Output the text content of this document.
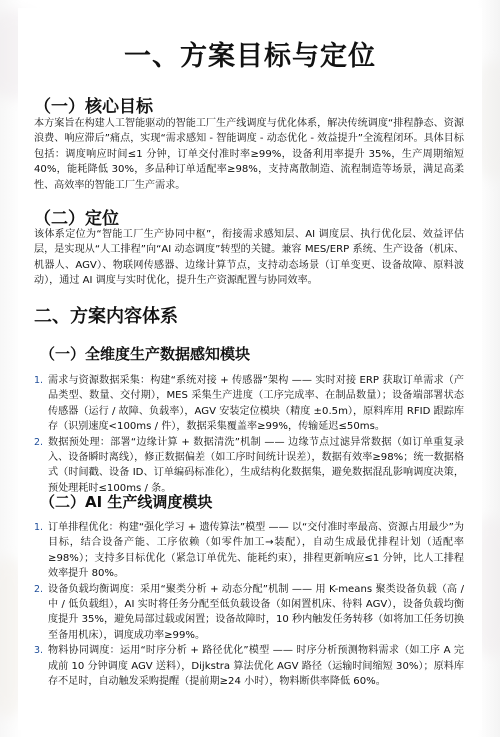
一、方案目标与定位
（一）核心目标

本方案旨在构建人工智能驱动的智能工厂生产线调度与优化体系，解决传统调度“排程静态、资源浪费、响应滞后”痛点，实现“需求感知 - 智能调度 - 动态优化 - 效益提升”全流程闭环。具体目标包括：调度响应时间≤1 分钟，订单交付准时率≥99%，设备利用率提升 35%，生产周期缩短 40%，能耗降低 30%，多品种订单适配率≥98%，支持离散制造、流程制造等场景，满足高柔性、高效率的智能工厂生产需求。

（二）定位

该体系定位为“智能工厂生产协同中枢”，衔接需求感知层、AI 调度层、执行优化层、效益评估层，是实现从“人工排程”向“AI 动态调度”转型的关键。兼容 MES/ERP 系统、生产设备（机床、机器人、AGV）、物联网传感器、边缘计算节点，支持动态场景（订单变更、设备故障、原料波动），通过 AI 调度与实时优化，提升生产资源配置与协同效率。

二、方案内容体系
（一）全维度生产数据感知模块
1. 需求与资源数据采集：构建“系统对接 + 传感器”架构 —— 实时对接 ERP 获取订单需求（产品类型、数量、交付期），MES 采集生产进度（工序完成率、在制品数量）；设备端部署状态传感器（运行 / 故障、负载率），AGV 安装定位模块（精度 ±0.5m），原料库用 RFID 跟踪库存（识别速度<100ms / 件），数据采集覆盖率≥99%，传输延迟≤50ms。
2. 数据预处理：部署“边缘计算 + 数据清洗”机制 —— 边缘节点过滤异常数据（如订单重复录入、设备瞬时离线），修正数据偏差（如工序时间统计误差），数据有效率≥98%；统一数据格式（时间戳、设备 ID、订单编码标准化），生成结构化数据集，避免数据混乱影响调度决策，预处理耗时≤100ms / 条。
（二）AI 生产线调度模块
1. 订单排程优化：构建“强化学习 + 遗传算法”模型 —— 以“交付准时率最高、资源占用最少”为目标，结合设备产能、工序依赖（如零件加工→装配），自动生成最优排程计划（适配率≥98%）；支持多目标优化（紧急订单优先、能耗约束），排程更新响应≤1 分钟，比人工排程效率提升 80%。
2. 设备负载均衡调度：采用“聚类分析 + 动态分配”机制 —— 用 K-means 聚类设备负载（高 / 中 / 低负载组），AI 实时将任务分配至低负载设备（如闲置机床、待料 AGV），设备负载均衡度提升 35%，避免局部过载或闲置；设备故障时，10 秒内触发任务转移（如将加工任务切换至备用机床），调度成功率≥99%。
3. 物料协同调度：运用“时序分析 + 路径优化”模型 —— 时序分析预测物料需求（如工序 A 完成前 10 分钟调度 AGV 送料），Dijkstra 算法优化 AGV 路径（运输时间缩短 30%）；原料库存不足时，自动触发采购提醒（提前期≥24 小时），物料断供率降低 60%。
